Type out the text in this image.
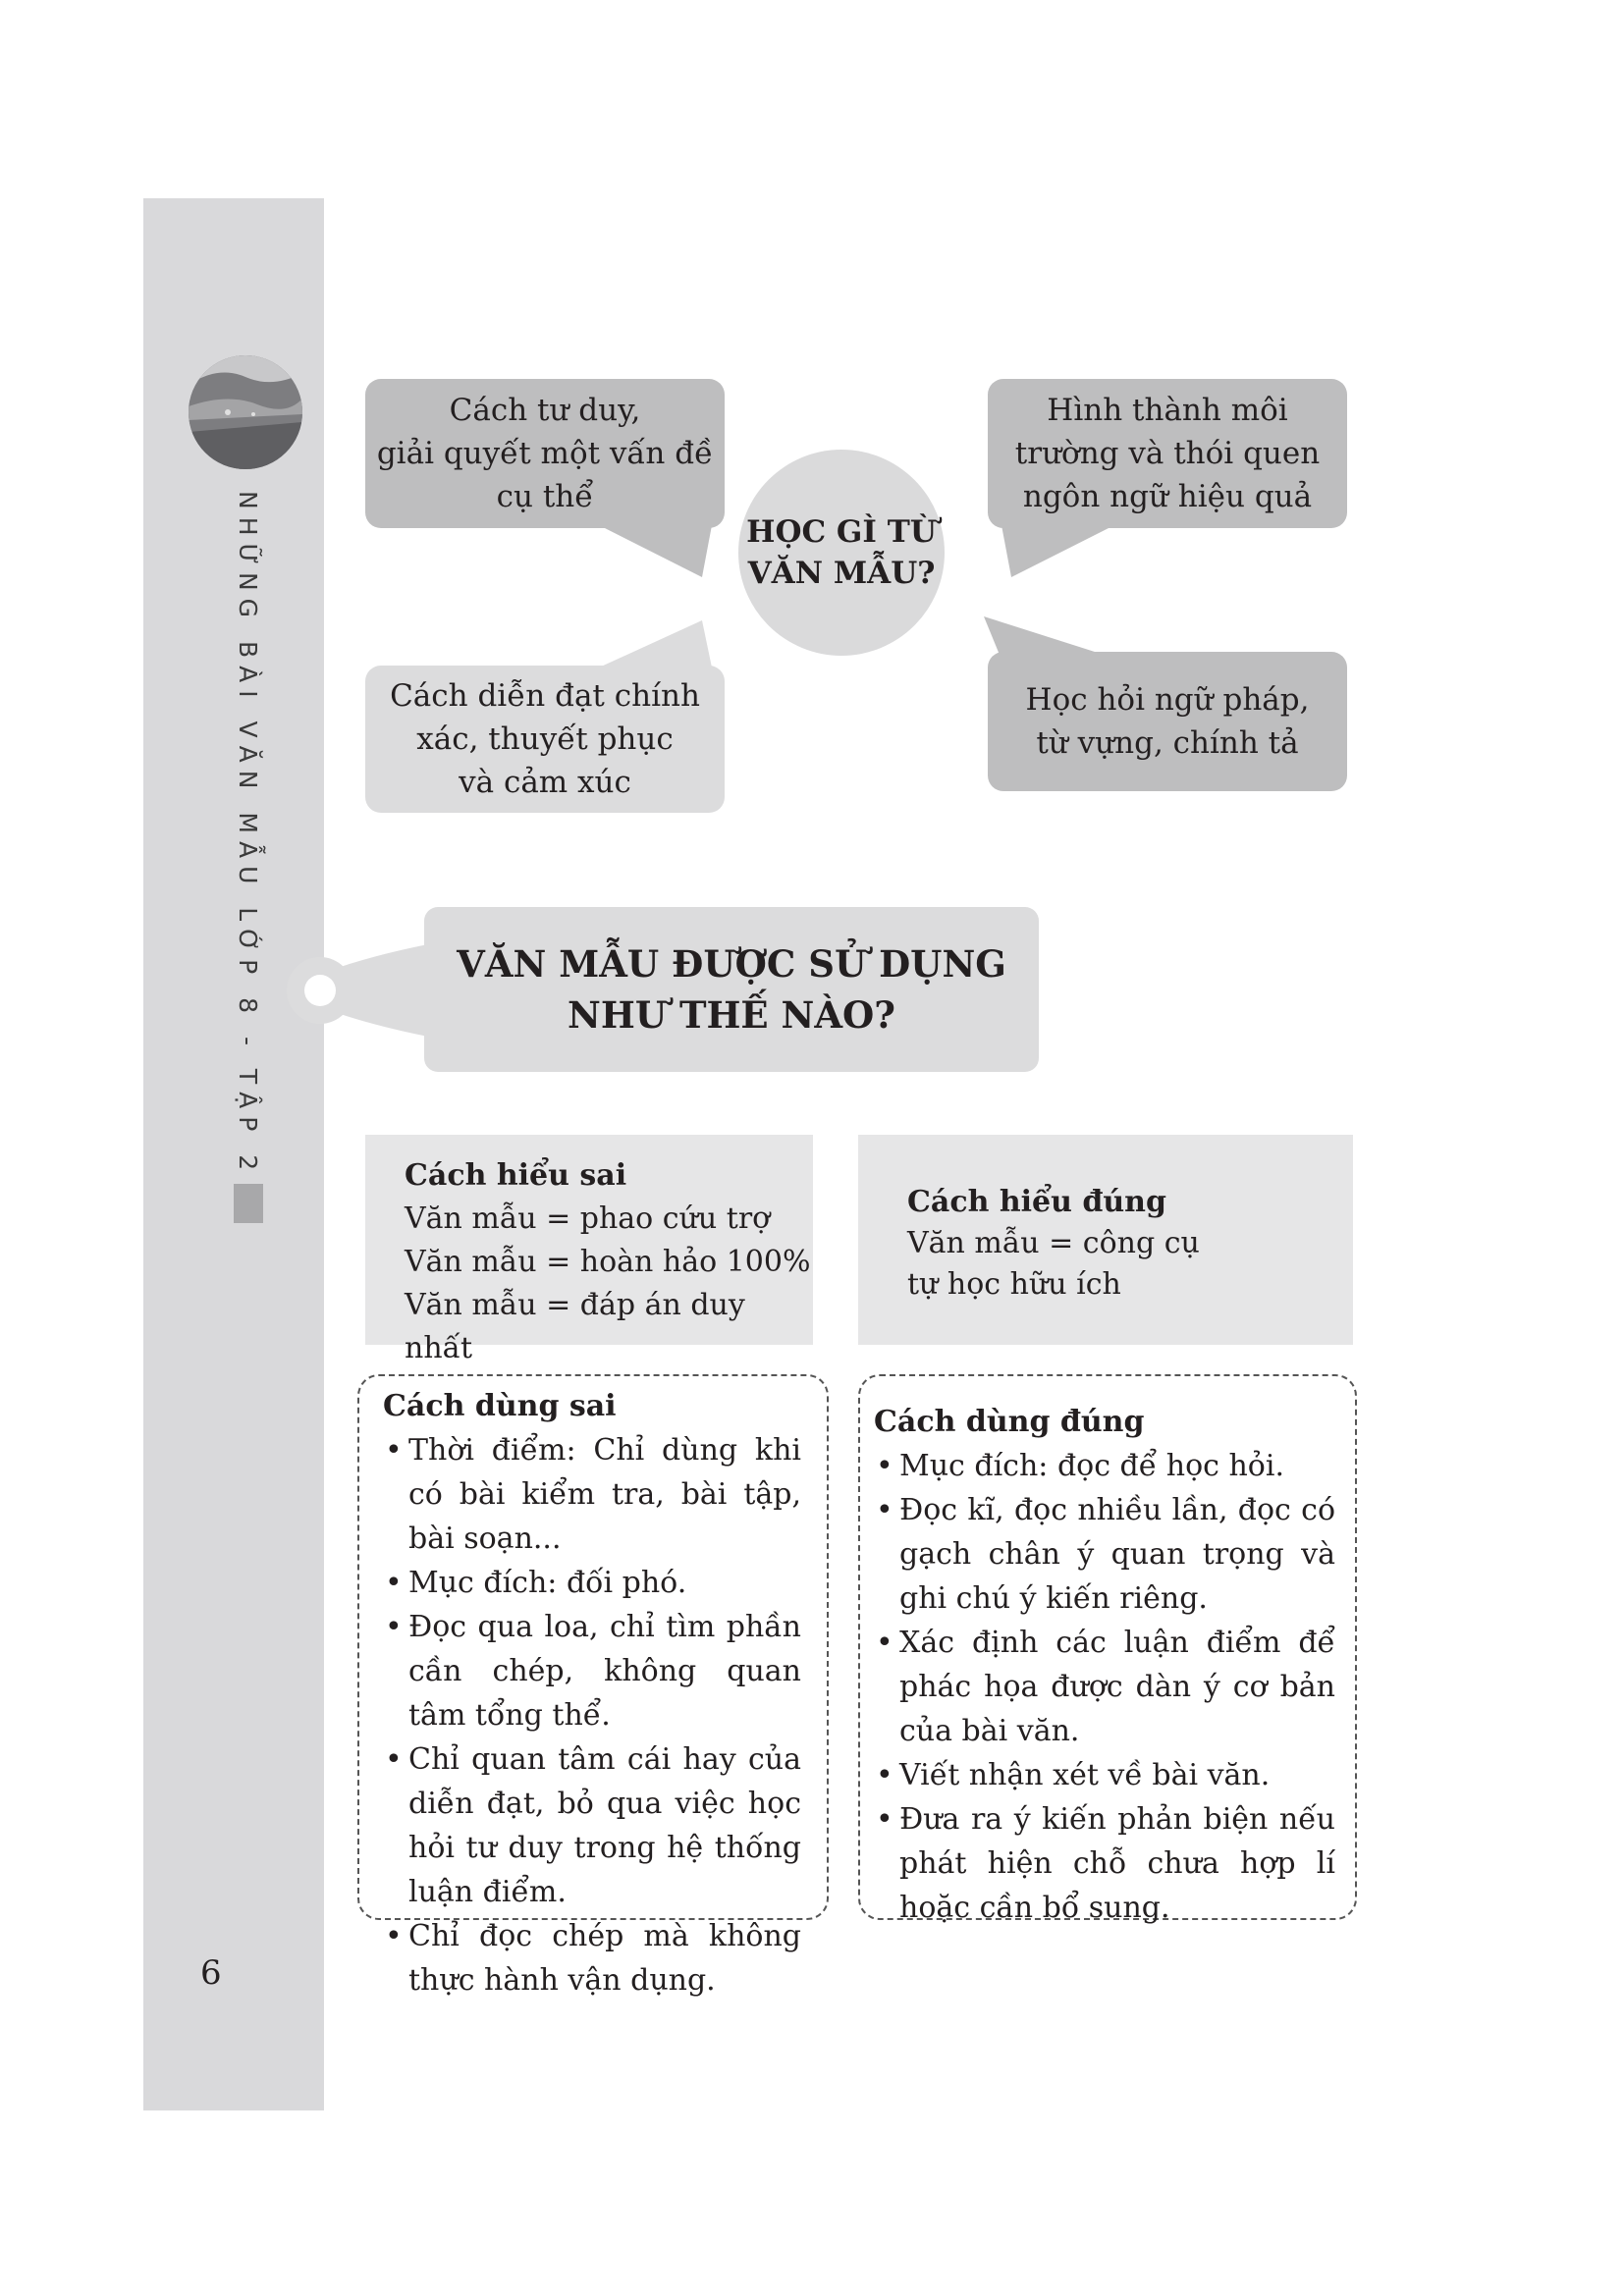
NHỮNG BÀI VĂN MẪU LỚP 8 - TẬP 2
6
Cách tư duy,
giải quyết một vấn đề
cụ thể
Hình thành môi
trường và thói quen
ngôn ngữ hiệu quả
Cách diễn đạt chính
xác, thuyết phục
và cảm xúc
Học hỏi ngữ pháp,
từ vựng, chính tả
HỌC GÌ TỪ
VĂN MẪU?
VĂN MẪU ĐƯỢC SỬ DỤNG
NHƯ THẾ NÀO?
Cách hiểu sai
Văn mẫu = phao cứu trợ
Văn mẫu = hoàn hảo 100%
Văn mẫu = đáp án duy nhất
Cách hiểu đúng
Văn mẫu = công cụ
tự học hữu ích
Cách dùng sai
• Thời điểm: Chỉ dùng khi có bài kiểm tra, bài tập, bài soạn...
• Mục đích: đối phó.
• Đọc qua loa, chỉ tìm phần cần chép, không quan tâm tổng thể.
• Chỉ quan tâm cái hay của diễn đạt, bỏ qua việc học hỏi tư duy trong hệ thống luận điểm.
• Chỉ đọc chép mà không thực hành vận dụng.
Cách dùng đúng
• Mục đích: đọc để học hỏi.
• Đọc kĩ, đọc nhiều lần, đọc có gạch chân ý quan trọng và ghi chú ý kiến riêng.
• Xác định các luận điểm để phác họa được dàn ý cơ bản của bài văn.
• Viết nhận xét về bài văn.
• Đưa ra ý kiến phản biện nếu phát hiện chỗ chưa hợp lí hoặc cần bổ sung.
